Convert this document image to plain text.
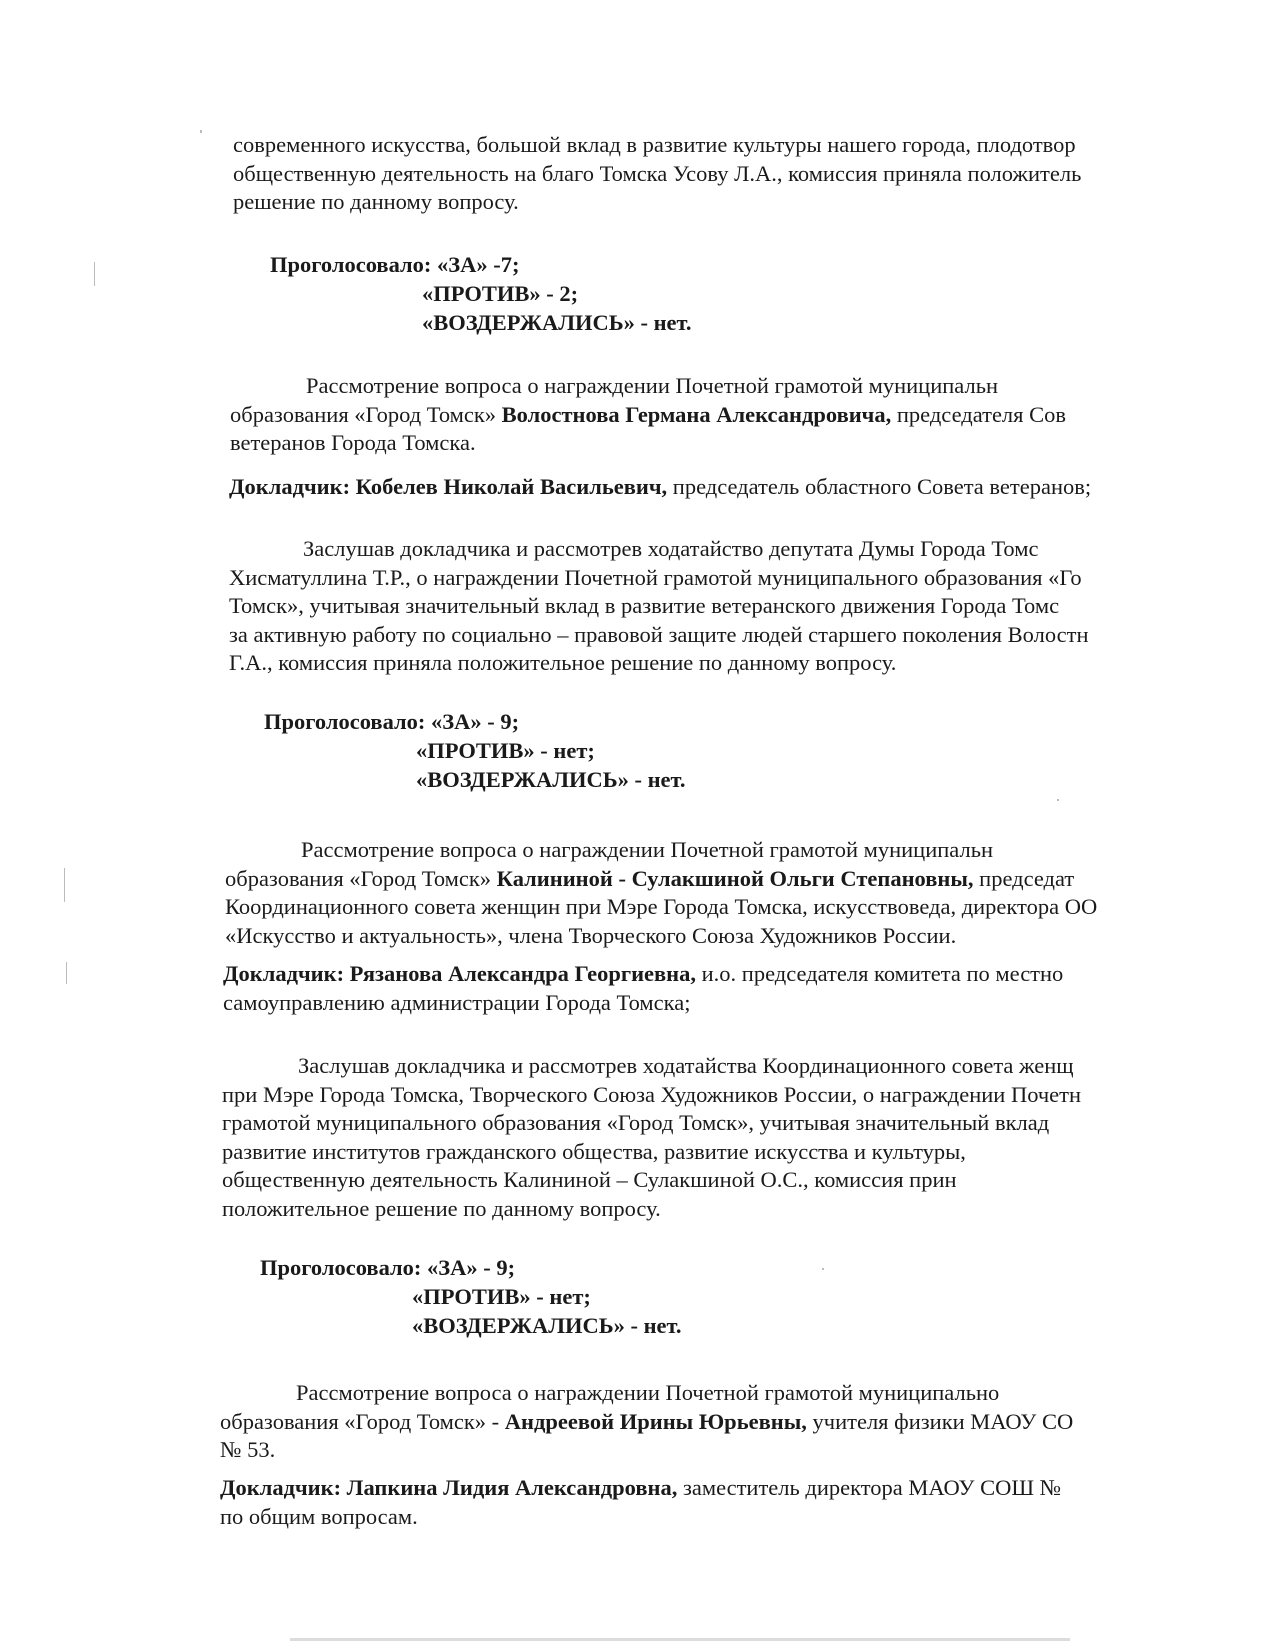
современного искусства, большой вклад в развитие культуры нашего города, плодотвор
общественную деятельность на благо Томска Усову Л.А., комиссия приняла положитель
решение по данному вопросу.
Проголосовало: «ЗА» -7;
«ПРОТИВ» - 2;
«ВОЗДЕРЖАЛИСЬ» - нет.
Рассмотрение вопроса о награждении Почетной грамотой муниципальн
образования «Город Томск» Волостнова Германа Александровича, председателя Сов
ветеранов Города Томска.
Докладчик: Кобелев Николай Васильевич, председатель областного Совета ветеранов;
Заслушав докладчика и рассмотрев ходатайство депутата Думы Города Томс
Хисматуллина Т.Р., о награждении Почетной грамотой муниципального образования «Го
Томск», учитывая значительный вклад в развитие ветеранского движения Города Томс
за активную работу по социально – правовой защите людей старшего поколения Волостн
Г.А., комиссия приняла положительное решение по данному вопросу.
Проголосовало: «ЗА» - 9;
«ПРОТИВ» - нет;
«ВОЗДЕРЖАЛИСЬ» - нет.
Рассмотрение вопроса о награждении Почетной грамотой муниципальн
образования «Город Томск» Калининой - Сулакшиной Ольги Степановны, председат
Координационного совета женщин при Мэре Города Томска, искусствоведа, директора ОО
«Искусство и актуальность», члена Творческого Союза Художников России.
Докладчик: Рязанова Александра Георгиевна, и.о. председателя комитета по местно
самоуправлению администрации Города Томска;
Заслушав докладчика и рассмотрев ходатайства Координационного совета женщ
при Мэре Города Томска, Творческого Союза Художников России, о награждении Почетн
грамотой муниципального образования «Город Томск», учитывая значительный вклад
развитие институтов гражданского общества, развитие искусства и культуры,
общественную деятельность Калининой – Сулакшиной О.С., комиссия прин
положительное решение по данному вопросу.
Проголосовало: «ЗА» - 9;
«ПРОТИВ» - нет;
«ВОЗДЕРЖАЛИСЬ» - нет.
Рассмотрение вопроса о награждении Почетной грамотой муниципально
образования «Город Томск» - Андреевой Ирины Юрьевны, учителя физики МАОУ СО
№ 53.
Докладчик: Лапкина Лидия Александровна, заместитель директора МАОУ СОШ №
по общим вопросам.
